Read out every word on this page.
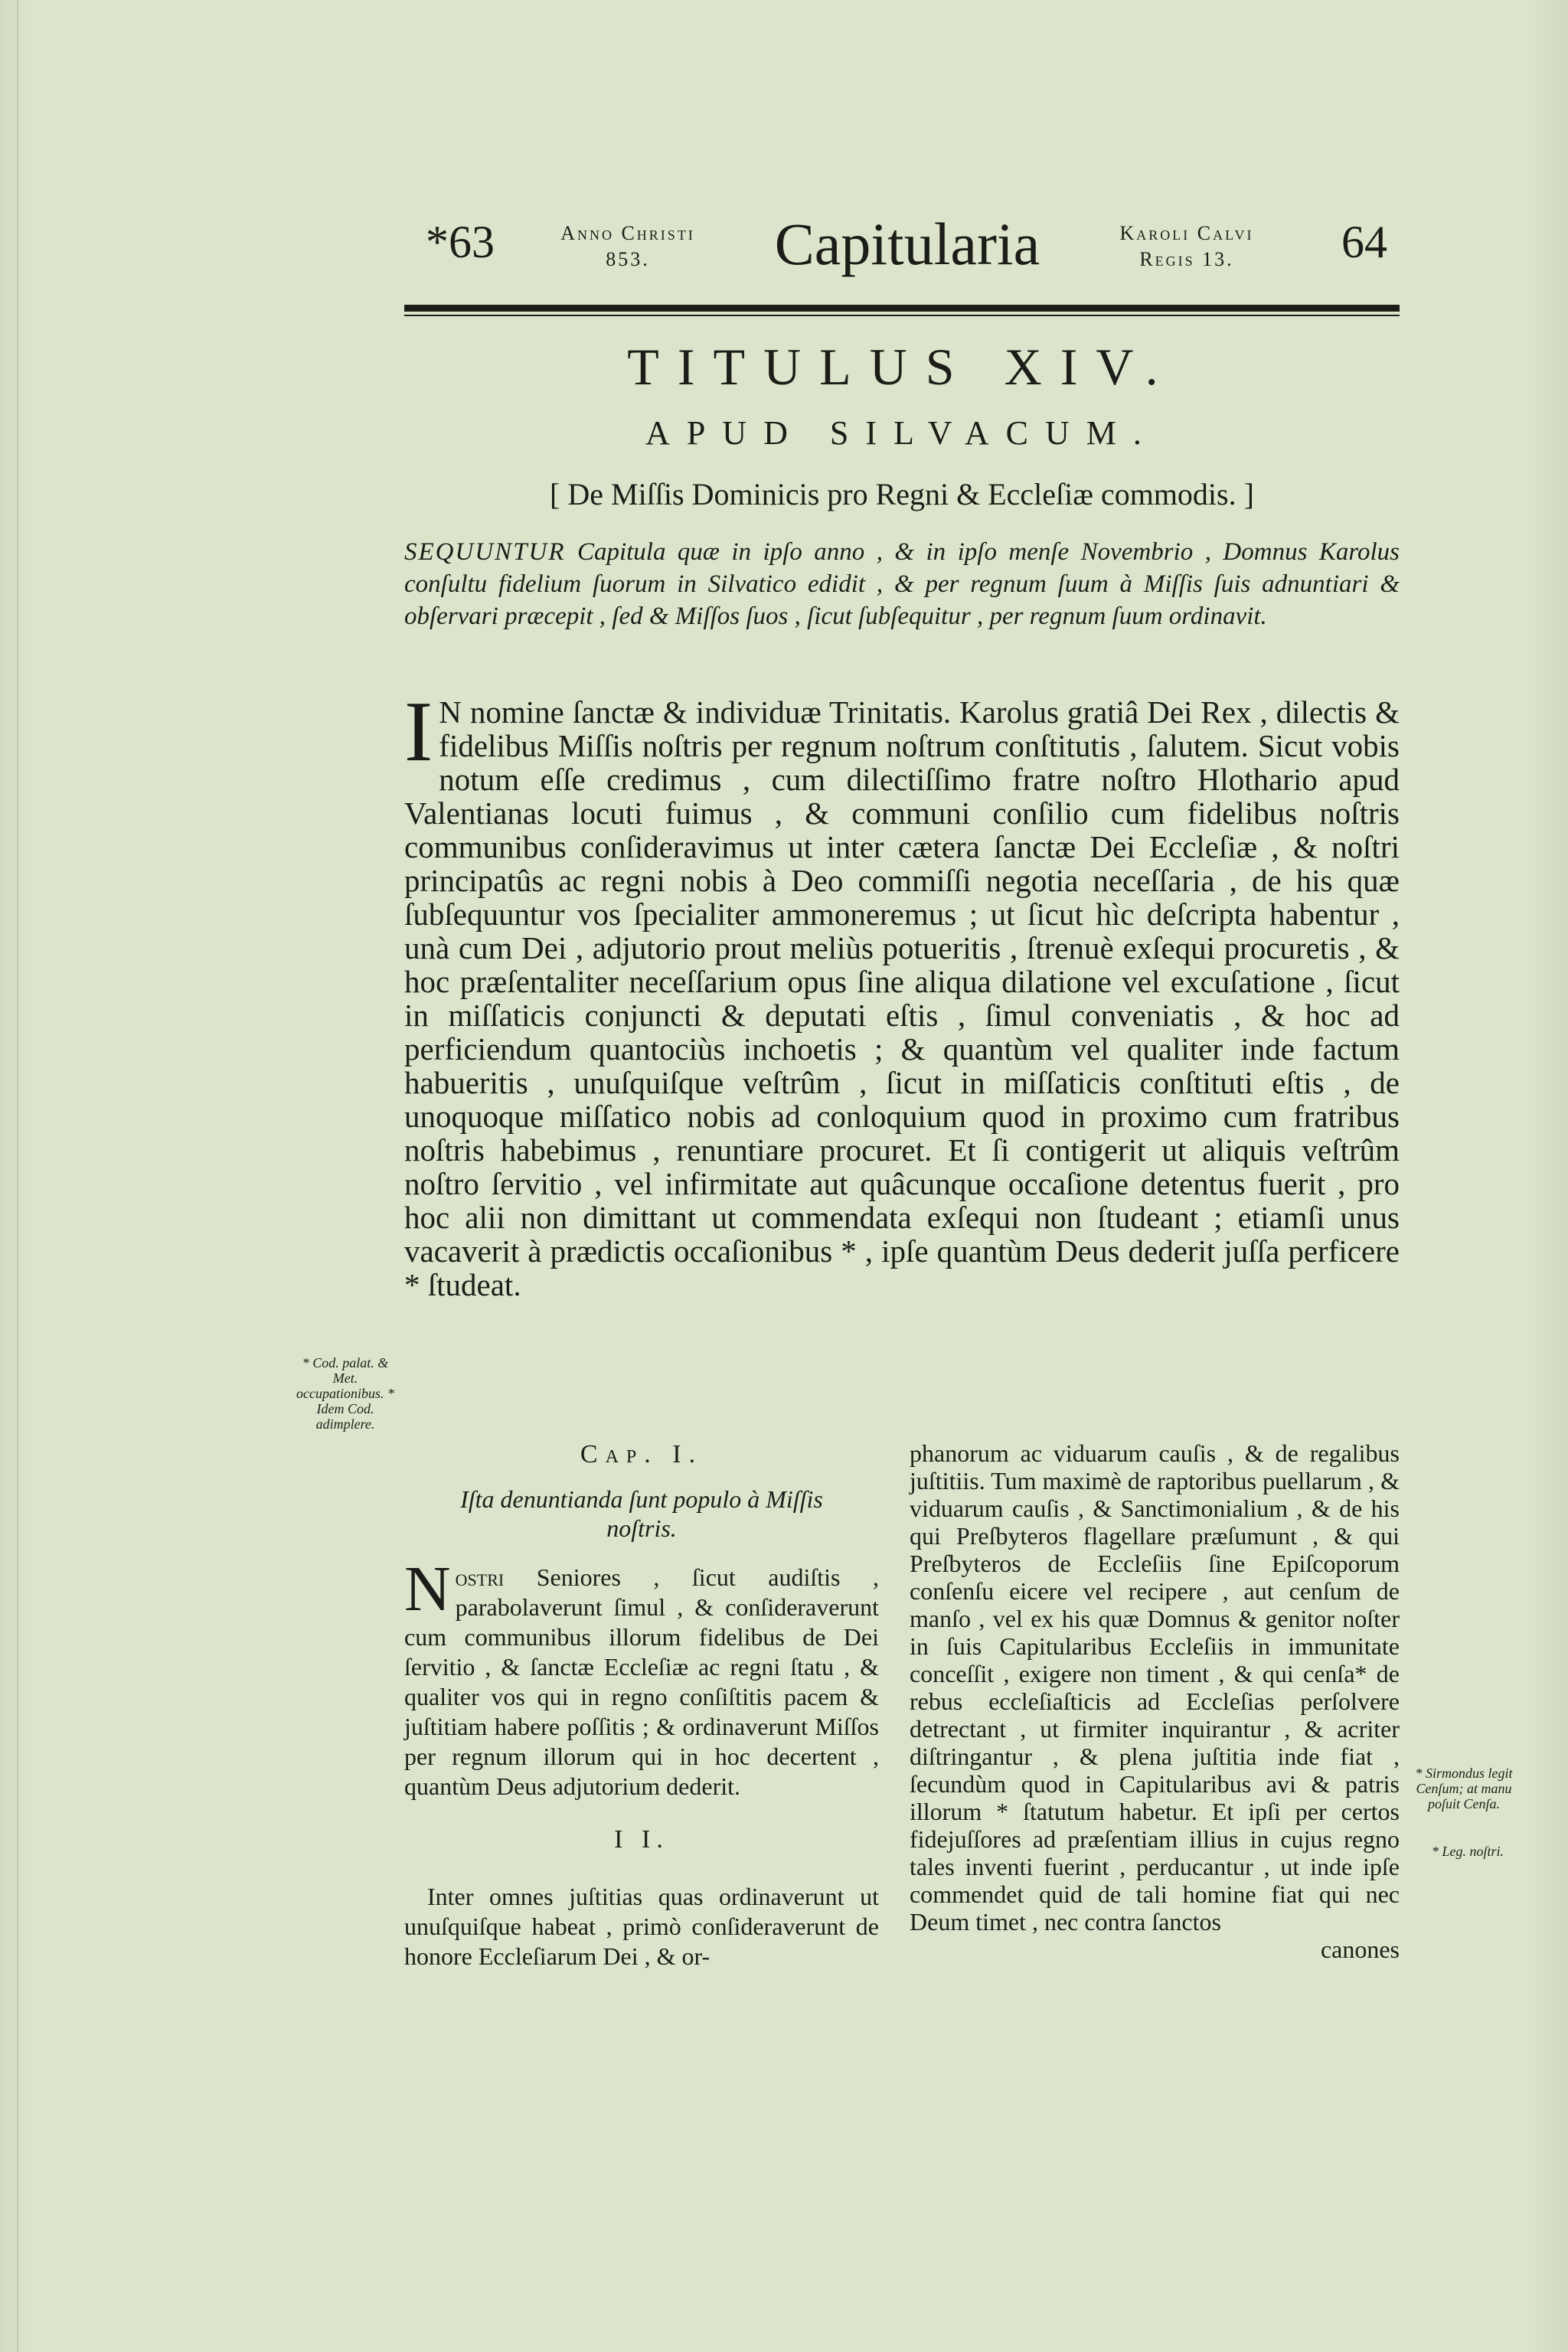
*63	Anno Christi
853.	Capitularia	Karoli Calvi
Regis 13.	64
TITULUS XIV.
APUD SILVACUM.
[ De Miſſis Dominicis pro Regni & Eccleſiæ commodis. ]
SEQUUNTUR Capitula quæ in ipſo anno , & in ipſo menſe Novembrio , Domnus Karolus conſultu fidelium ſuorum in Silvatico edidit , & per regnum ſuum à Miſſis ſuis adnuntiari & obſervari præcepit , ſed & Miſſos ſuos , ſicut ſubſequitur , per regnum ſuum ordinavit.
I N nomine ſanctæ & individuæ Trinitatis. Karolus gratiâ Dei Rex , dilectis & fidelibus Miſſis noſtris per regnum noſtrum conſtitutis , ſalutem. Sicut vobis notum eſſe credimus , cum dilectiſſimo fratre noſtro Hlothario apud Valentianas locuti fuimus , & communi conſilio cum fidelibus noſtris communibus conſideravimus ut inter cætera ſanctæ Dei Eccleſiæ , & noſtri principatûs ac regni nobis à Deo commiſſi negotia neceſſaria , de his quæ ſubſequuntur vos ſpecialiter ammoneremus ; ut ſicut hìc deſcripta habentur , unà cum Dei , adjutorio prout meliùs potueritis , ſtrenuè exſequi procuretis , & hoc præſentaliter neceſſarium opus ſine aliqua dilatione vel excuſatione , ſicut in miſſaticis conjuncti & deputati eſtis , ſimul conveniatis , & hoc ad perficiendum quantociùs inchoetis ; & quantùm vel qualiter inde factum habueritis , unuſquiſque veſtrûm , ſicut in miſſaticis conſtituti eſtis , de unoquoque miſſatico nobis ad conloquium quod in proximo cum fratribus noſtris habebimus , renuntiare procuret. Et ſi contigerit ut aliquis veſtrûm noſtro ſervitio , vel infirmitate aut quâcunque occaſione detentus fuerit , pro hoc alii non dimittant ut commendata exſequi non ſtudeant ; etiamſi unus vacaverit à prædictis occaſionibus * , ipſe quantùm Deus dederit juſſa perficere * ſtudeat.
* Cod. palat. & Met. occupationibus. * Idem Cod. adimplere.
* Sirmondus legit Cenſum; at manu poſuit Cenſa.
* Leg. noſtri.
Cap. I.
Iſta denuntianda ſunt populo à Miſſis noſtris.

Nostri Seniores , ſicut audiſtis , parabolaverunt ſimul , & conſideraverunt cum communibus illorum fidelibus de Dei ſervitio , & ſanctæ Eccleſiæ ac regni ſtatu , & qualiter vos qui in regno conſiſtitis pacem & juſtitiam habere poſſitis ; & ordinaverunt Miſſos per regnum illorum qui in hoc decertent , quantùm Deus adjutorium dederit.

I I.

Inter omnes juſtitias quas ordinaverunt ut unuſquiſque habeat , primò conſideraverunt de honore Eccleſiarum Dei , & or-

phanorum ac viduarum cauſis , & de regalibus juſtitiis. Tum maximè de raptoribus puellarum , & viduarum cauſis , & Sanctimonialium , & de his qui Preſbyteros flagellare præſumunt , & qui Preſbyteros de Eccleſiis ſine Epiſcoporum conſenſu eicere vel recipere , aut cenſum de manſo , vel ex his quæ Domnus & genitor noſter in ſuis Capitularibus Eccleſiis in immunitate conceſſit , exigere non timent , & qui cenſa* de rebus eccleſiaſticis ad Eccleſias perſolvere detrectant , ut firmiter inquirantur , & acriter diſtringantur , & plena juſtitia inde fiat , ſecundùm quod in Capitularibus avi & patris illorum * ſtatutum habetur. Et ipſi per certos fidejuſſores ad præſentiam illius in cujus regno tales inventi fuerint , perducantur , ut inde ipſe commendet quid de tali homine fiat qui nec Deum timet , nec contra ſanctos
canones
